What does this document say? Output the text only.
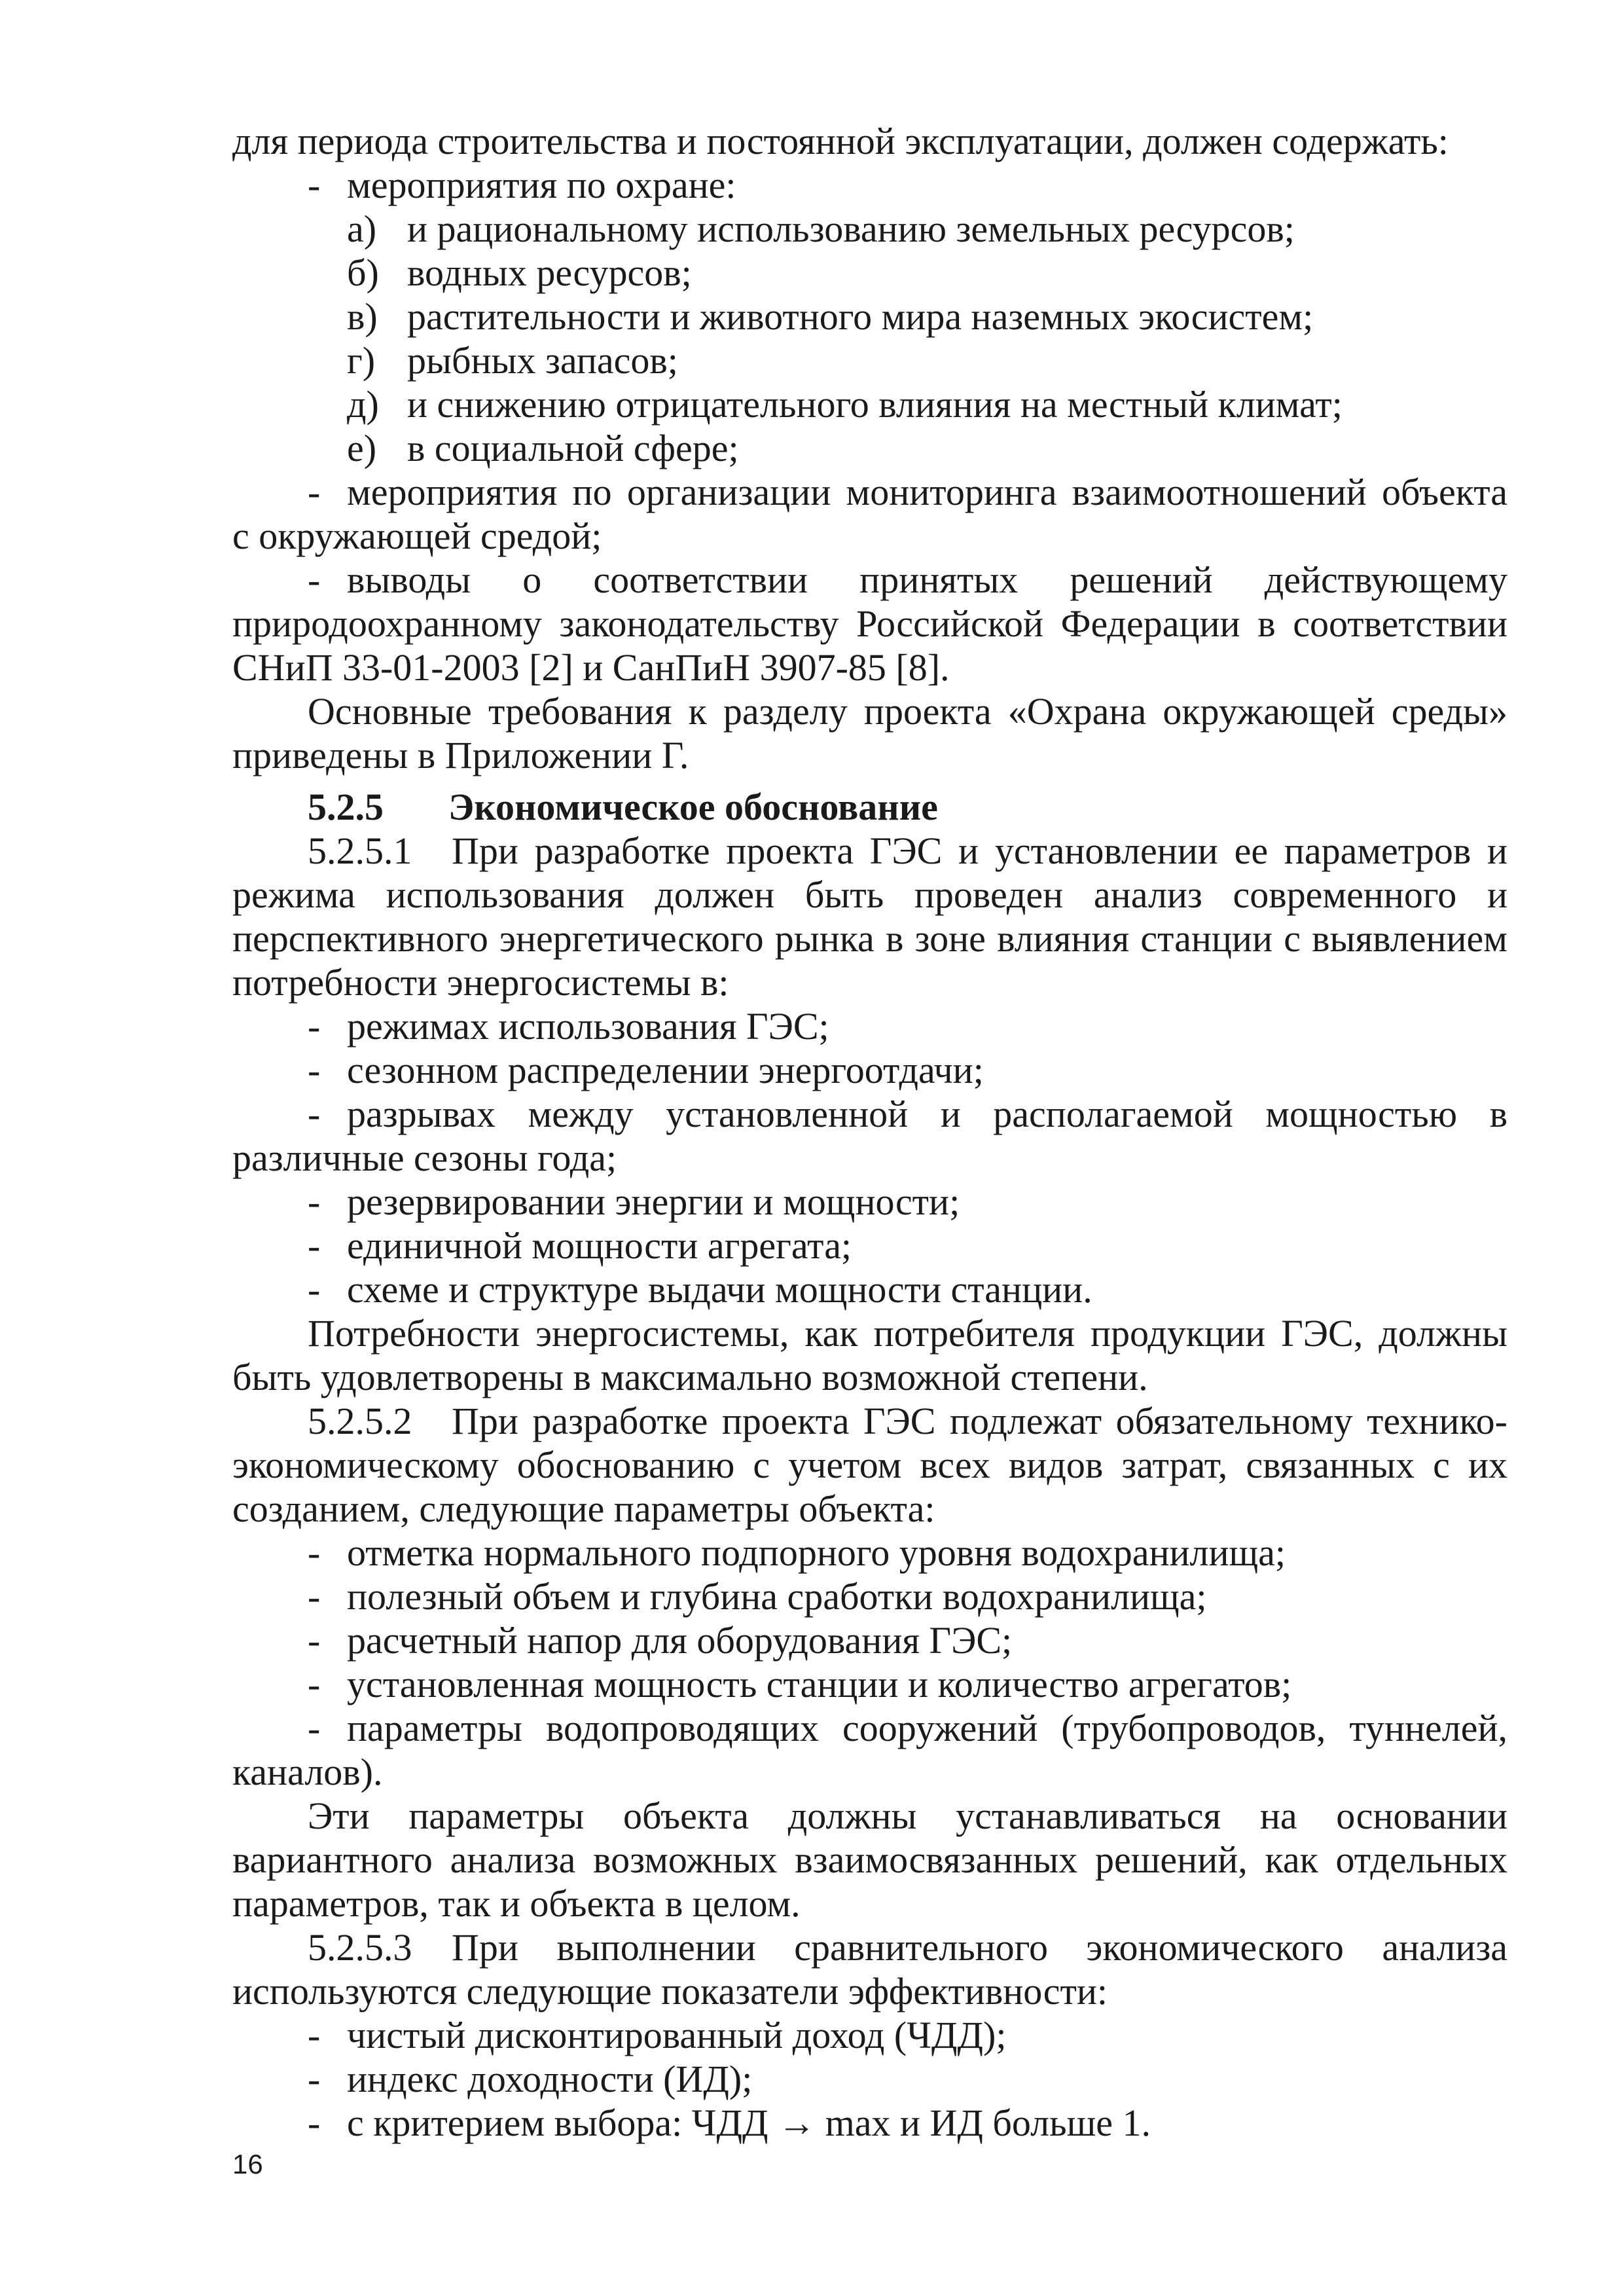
для периода строительства и постоянной эксплуатации, должен содержать:
- мероприятия по охране:
а) и рациональному использованию земельных ресурсов;
б) водных ресурсов;
в) растительности и животного мира наземных экосистем;
г) рыбных запасов;
д) и снижению отрицательного влияния на местный климат;
е) в социальной сфере;
- мероприятия по организации мониторинга взаимоотношений объекта
с окружающей средой;
- выводы о соответствии принятых решений действующему
природоохранному законодательству Российской Федерации в соответствии
СНиП 33-01-2003 [2] и СанПиН 3907-85 [8].
Основные требования к разделу проекта «Охрана окружающей среды»
приведены в Приложении Г.
5.2.5 Экономическое обоснование
5.2.5.1 При разработке проекта ГЭС и установлении ее параметров и
режима использования должен быть проведен анализ современного и
перспективного энергетического рынка в зоне влияния станции с выявлением
потребности энергосистемы в:
- режимах использования ГЭС;
- сезонном распределении энергоотдачи;
- разрывах между установленной и располагаемой мощностью в
различные сезоны года;
- резервировании энергии и мощности;
- единичной мощности агрегата;
- схеме и структуре выдачи мощности станции.
Потребности энергосистемы, как потребителя продукции ГЭС, должны
быть удовлетворены в максимально возможной степени.
5.2.5.2 При разработке проекта ГЭС подлежат обязательному технико-
экономическому обоснованию с учетом всех видов затрат, связанных с их
созданием, следующие параметры объекта:
- отметка нормального подпорного уровня водохранилища;
- полезный объем и глубина сработки водохранилища;
- расчетный напор для оборудования ГЭС;
- установленная мощность станции и количество агрегатов;
- параметры водопроводящих сооружений (трубопроводов, туннелей,
каналов).
Эти параметры объекта должны устанавливаться на основании
вариантного анализа возможных взаимосвязанных решений, как отдельных
параметров, так и объекта в целом.
5.2.5.3 При выполнении сравнительного экономического анализа
используются следующие показатели эффективности:
- чистый дисконтированный доход (ЧДД);
- индекс доходности (ИД);
- с критерием выбора: ЧДД → max и ИД больше 1.
16
